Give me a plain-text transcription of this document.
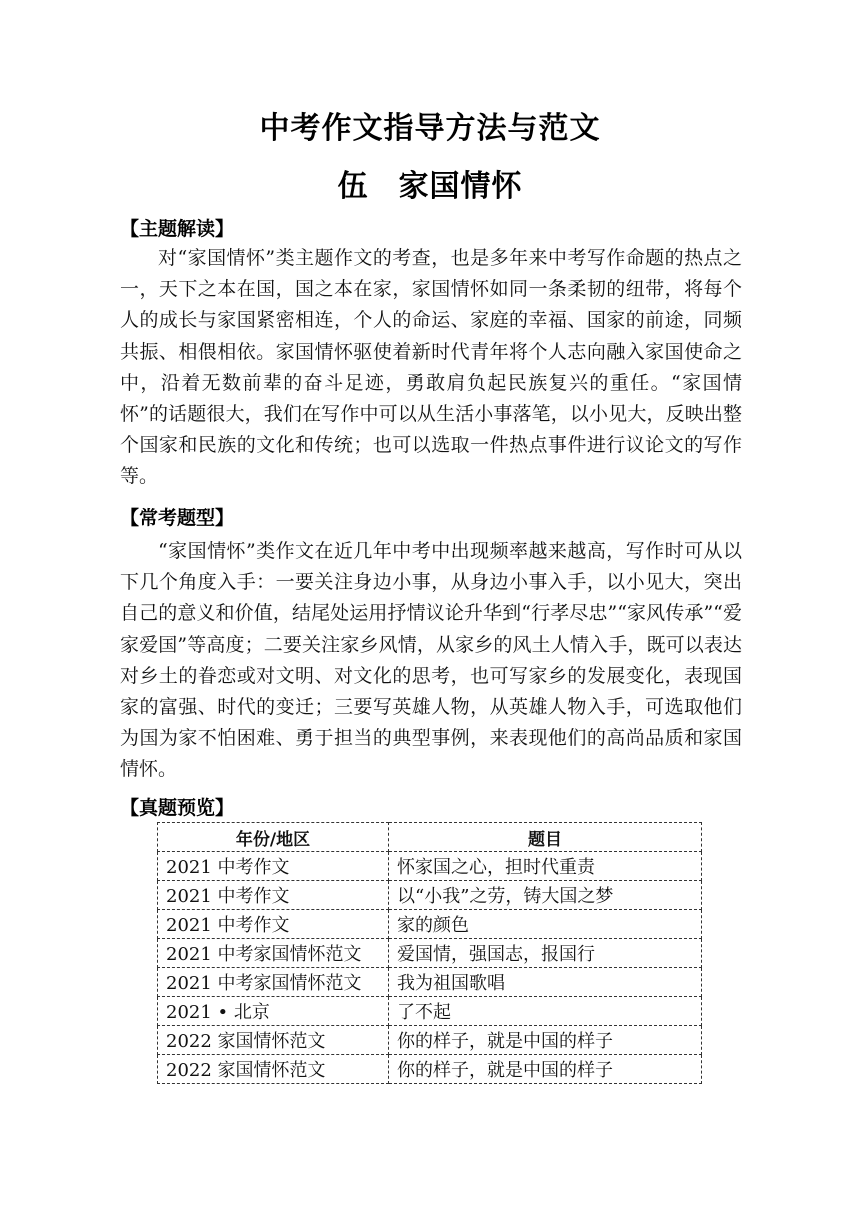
中考作文指导方法与范文
伍 家国情怀
【主题解读】
对“家国情怀”类主题作文的考查，也是多年来中考写作命题的热点之一，天下之本在国，国之本在家，家国情怀如同一条柔韧的纽带，将每个人的成长与家国紧密相连，个人的命运、家庭的幸福、国家的前途，同频共振、相偎相依。家国情怀驱使着新时代青年将个人志向融入家国使命之中，沿着无数前辈的奋斗足迹，勇敢肩负起民族复兴的重任。“家国情怀”的话题很大，我们在写作中可以从生活小事落笔，以小见大，反映出整个国家和民族的文化和传统；也可以选取一件热点事件进行议论文的写作等。
【常考题型】
“家国情怀”类作文在近几年中考中出现频率越来越高，写作时可从以下几个角度入手：一要关注身边小事，从身边小事入手，以小见大，突出自己的意义和价值，结尾处运用抒情议论升华到“行孝尽忠”“家风传承”“爱家爱国”等高度；二要关注家乡风情，从家乡的风土人情入手，既可以表达对乡土的眷恋或对文明、对文化的思考，也可写家乡的发展变化，表现国家的富强、时代的变迁；三要写英雄人物，从英雄人物入手，可选取他们为国为家不怕困难、勇于担当的典型事例，来表现他们的高尚品质和家国情怀。
【真题预览】
年份/地区	题目
2021 中考作文	怀家国之心，担时代重责
2021 中考作文	以“小我”之劳，铸大国之梦
2021 中考作文	家的颜色
2021 中考家国情怀范文	爱国情，强国志，报国行
2021 中考家国情怀范文	我为祖国歌唱
2021 • 北京	了不起
2022 家国情怀范文	你的样子，就是中国的样子
2022 家国情怀范文	你的样子，就是中国的样子
